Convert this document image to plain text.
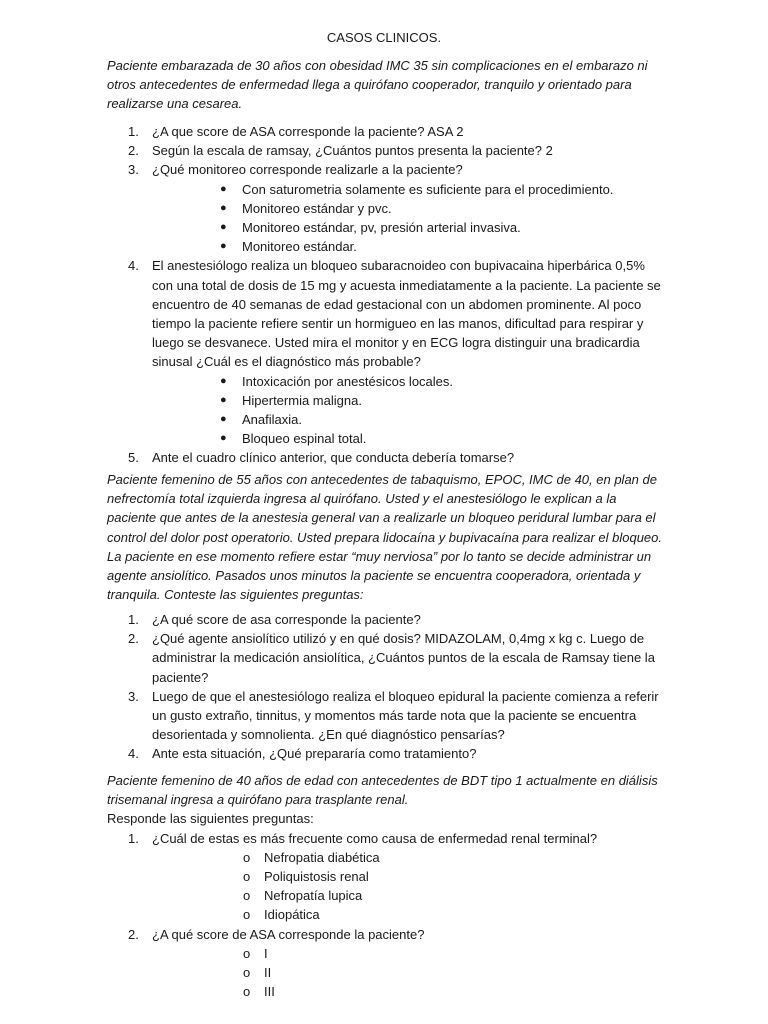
CASOS CLINICOS.
Paciente embarazada de 30 años con obesidad IMC 35 sin complicaciones en el embarazo ni otros antecedentes de enfermedad llega a quirófano cooperador, tranquilo y orientado para realizarse una cesarea.
1. ¿A que score de ASA corresponde la paciente? ASA 2
2. Según la escala de ramsay, ¿Cuántos puntos presenta la paciente? 2
3. ¿Qué monitoreo corresponde realizarle a la paciente?
● Con saturometria solamente es suficiente para el procedimiento.
● Monitoreo estándar y pvc.
● Monitoreo estándar, pv, presión arterial invasiva.
● Monitoreo estándar.
4. El anestesiólogo realiza un bloqueo subaracnoideo con bupivacaina hiperbárica 0,5% con una total de dosis de 15 mg y acuesta inmediatamente a la paciente. La paciente se encuentro de 40 semanas de edad gestacional con un abdomen prominente. Al poco tiempo la paciente refiere sentir un hormigueo en las manos, dificultad para respirar y luego se desvanece. Usted mira el monitor y en ECG logra distinguir una bradicardia sinusal ¿Cuál es el diagnóstico más probable?
● Intoxicación por anestésicos locales.
● Hipertermia maligna.
● Anafilaxia.
● Bloqueo espinal total.
5. Ante el cuadro clínico anterior, que conducta debería tomarse?
Paciente femenino de 55 años con antecedentes de tabaquismo, EPOC, IMC de 40, en plan de nefrectomía total izquierda ingresa al quirófano. Usted y el anestesiólogo le explican a la paciente que antes de la anestesia general van a realizarle un bloqueo peridural lumbar para el control del dolor post operatorio. Usted prepara lidocaína y bupivacaína para realizar el bloqueo. La paciente en ese momento refiere estar “muy nerviosa” por lo tanto se decide administrar un agente ansiolítico. Pasados unos minutos la paciente se encuentra cooperadora, orientada y tranquila. Conteste las siguientes preguntas:
1. ¿A qué score de asa corresponde la paciente?
2. ¿Qué agente ansiolítico utilizó y en qué dosis? MIDAZOLAM, 0,4mg x kg c. Luego de administrar la medicación ansiolítica, ¿Cuántos puntos de la escala de Ramsay tiene la paciente?
3. Luego de que el anestesiólogo realiza el bloqueo epidural la paciente comienza a referir un gusto extraño, tinnitus, y momentos más tarde nota que la paciente se encuentra desorientada y somnolienta. ¿En qué diagnóstico pensarías?
4. Ante esta situación, ¿Qué prepararía como tratamiento?
Paciente femenino de 40 años de edad con antecedentes de BDT tipo 1 actualmente en diálisis trisemanal ingresa a quirófano para trasplante renal.
Responde las siguientes preguntas:
1. ¿Cuál de estas es más frecuente como causa de enfermedad renal terminal?
o Nefropatia diabética
o Poliquistosis renal
o Nefropatía lupica
o Idiopática
2. ¿A qué score de ASA corresponde la paciente?
o I
o II
o III
